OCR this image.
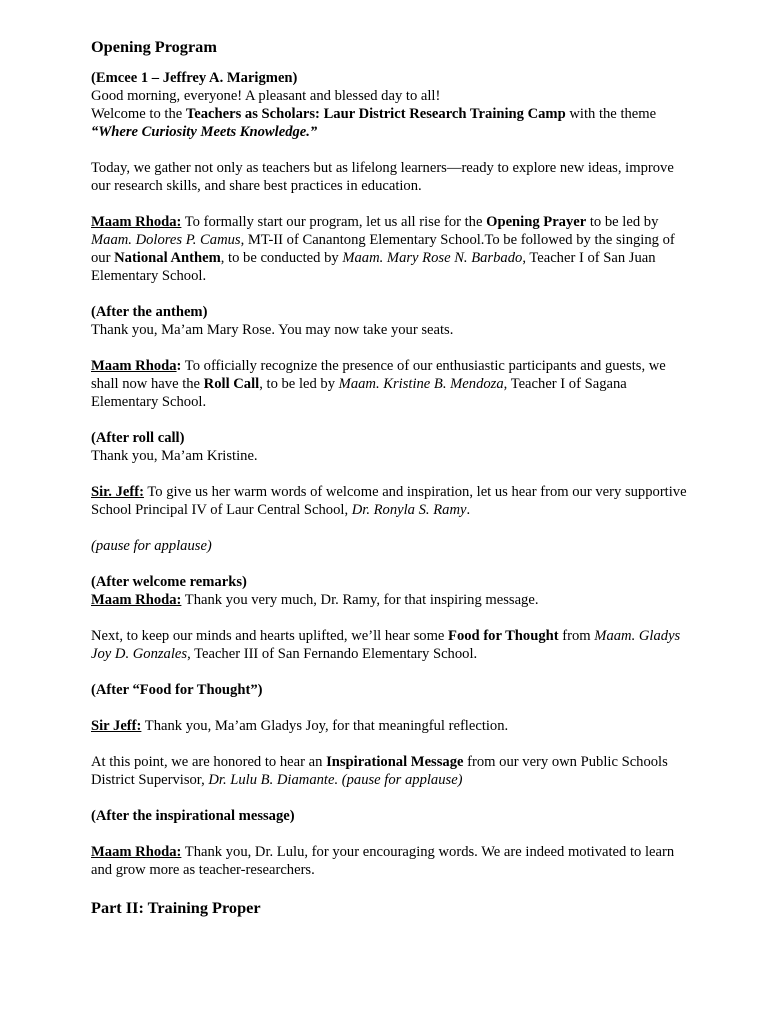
Opening Program

(Emcee 1 – Jeffrey A. Marigmen)

Good morning, everyone! A pleasant and blessed day to all!

Welcome to the Teachers as Scholars: Laur District Research Training Camp with the theme “Where Curiosity Meets Knowledge.”

Today, we gather not only as teachers but as lifelong learners—ready to explore new ideas, improve our research skills, and share best practices in education.

Maam Rhoda: To formally start our program, let us all rise for the Opening Prayer to be led by Maam. Dolores P. Camus, MT-II of Canantong Elementary School.To be followed by the singing of our National Anthem, to be conducted by Maam. Mary Rose N. Barbado, Teacher I of San Juan Elementary School.

(After the anthem)

Thank you, Ma’am Mary Rose. You may now take your seats.

Maam Rhoda: To officially recognize the presence of our enthusiastic participants and guests, we shall now have the Roll Call, to be led by Maam. Kristine B. Mendoza, Teacher I of Sagana Elementary School.

(After roll call)

Thank you, Ma’am Kristine.

Sir. Jeff: To give us her warm words of welcome and inspiration, let us hear from our very supportive School Principal IV of Laur Central School, Dr. Ronyla S. Ramy.

(pause for applause)

(After welcome remarks)

Maam Rhoda: Thank you very much, Dr. Ramy, for that inspiring message.

Next, to keep our minds and hearts uplifted, we’ll hear some Food for Thought from Maam. Gladys Joy D. Gonzales, Teacher III of San Fernando Elementary School.

(After “Food for Thought”)

Sir Jeff: Thank you, Ma’am Gladys Joy, for that meaningful reflection.

At this point, we are honored to hear an Inspirational Message from our very own Public Schools District Supervisor, Dr. Lulu B. Diamante. (pause for applause)

(After the inspirational message)

Maam Rhoda: Thank you, Dr. Lulu, for your encouraging words. We are indeed motivated to learn and grow more as teacher-researchers.

Part II: Training Proper
